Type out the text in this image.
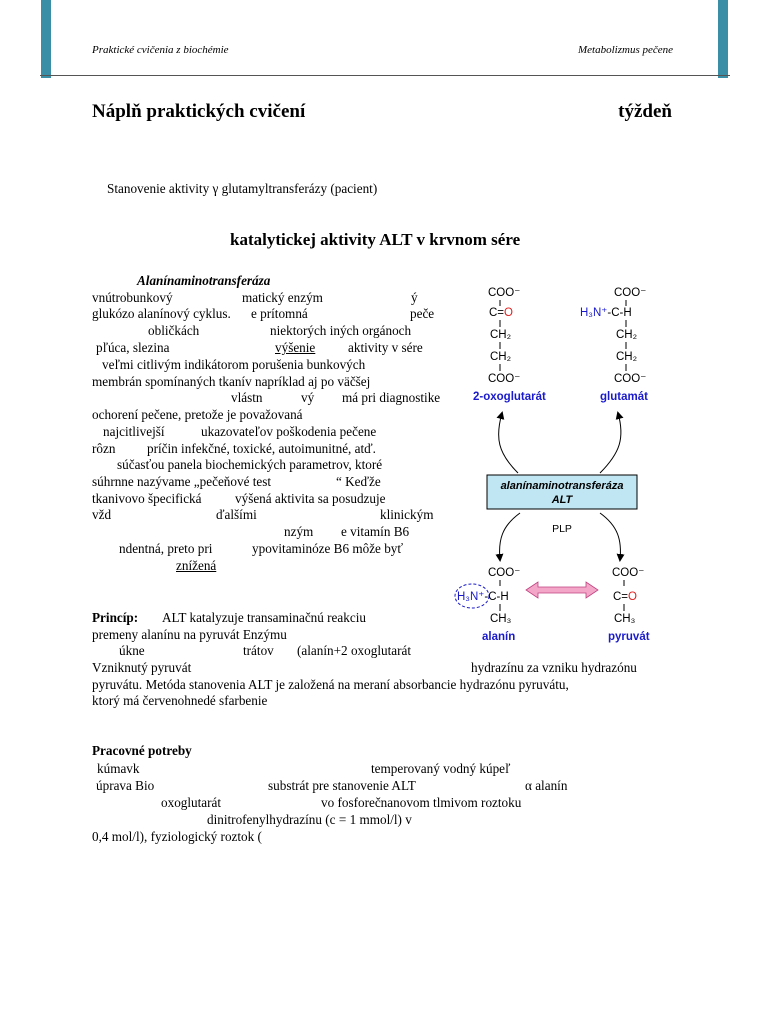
Praktické cvičenia z biochémie	Metabolizmus pečene
Náplň praktických cvičení	týždeň
Stanovenie aktivity γ glutamyltransferázy (pacient)
katalytickej aktivity ALT v krvnom sére
Alanínaminotransferáza
vnútrobunkový	matický enzým	ý
glukózo alanínový cyklus. e prítomná	peče
obličkách	niektorých iných orgánoch
pľúca, slezina	výšenie aktivity v sére
veľmi citlivým indikátorom porušenia bunkových
membrán spomínaných tkanív napríklad aj po väčšej
vlástn	vý má pri diagnostike
ochorení pečene, pretože je považovaná
najcitlivejší	ukazovateľov poškodenia pečene
rôzn príčin infekčné, toxické, autoimunitné, atď.
súčasťou panela biochemických parametrov, ktoré
súhrnne nazývame „pečeňové test	“ Keďže
tkanivovo špecifická	výšená aktivita sa posudzuje
vžd	ďalšími	klinickým
nzým e vitamín B6
ndentná, preto pri	ypovitaminóze B6 môže byť
znížená
Princíp: ALT katalyzuje transaminačnú reakciu
premeny alanínu na pyruvát Enzýmu
úkne	trátov (alanín+2 oxoglutarát
Vzniknutý pyruvát	hydrazínu za vzniku hydrazónu
pyruvátu. Metóda stanovenia ALT je založená na meraní absorbancie hydrazónu pyruvátu,
ktorý má červenohnedé sfarbenie
Pracovné potreby
kúmavk	temperovaný vodný kúpeľ
úprava Bio	substrát pre stanovenie ALT	α alanín
oxoglutarát	vo fosforečnanovom tlmivom roztoku
dinitrofenylhydrazínu (c = 1 mmol/l) v
0,4 mol/l), fyziologický roztok (
COO⁻
C=O
CH₂
CH₂
COO⁻
2-oxoglutarát
COO⁻
H₃N⁺-C-H
CH₂
CH₂
COO⁻
glutamát
alanínaminotransferáza
ALT
PLP
COO⁻
H₃N⁺-C-H
CH₃
alanín
COO⁻
C=O
CH₃
pyruvát
